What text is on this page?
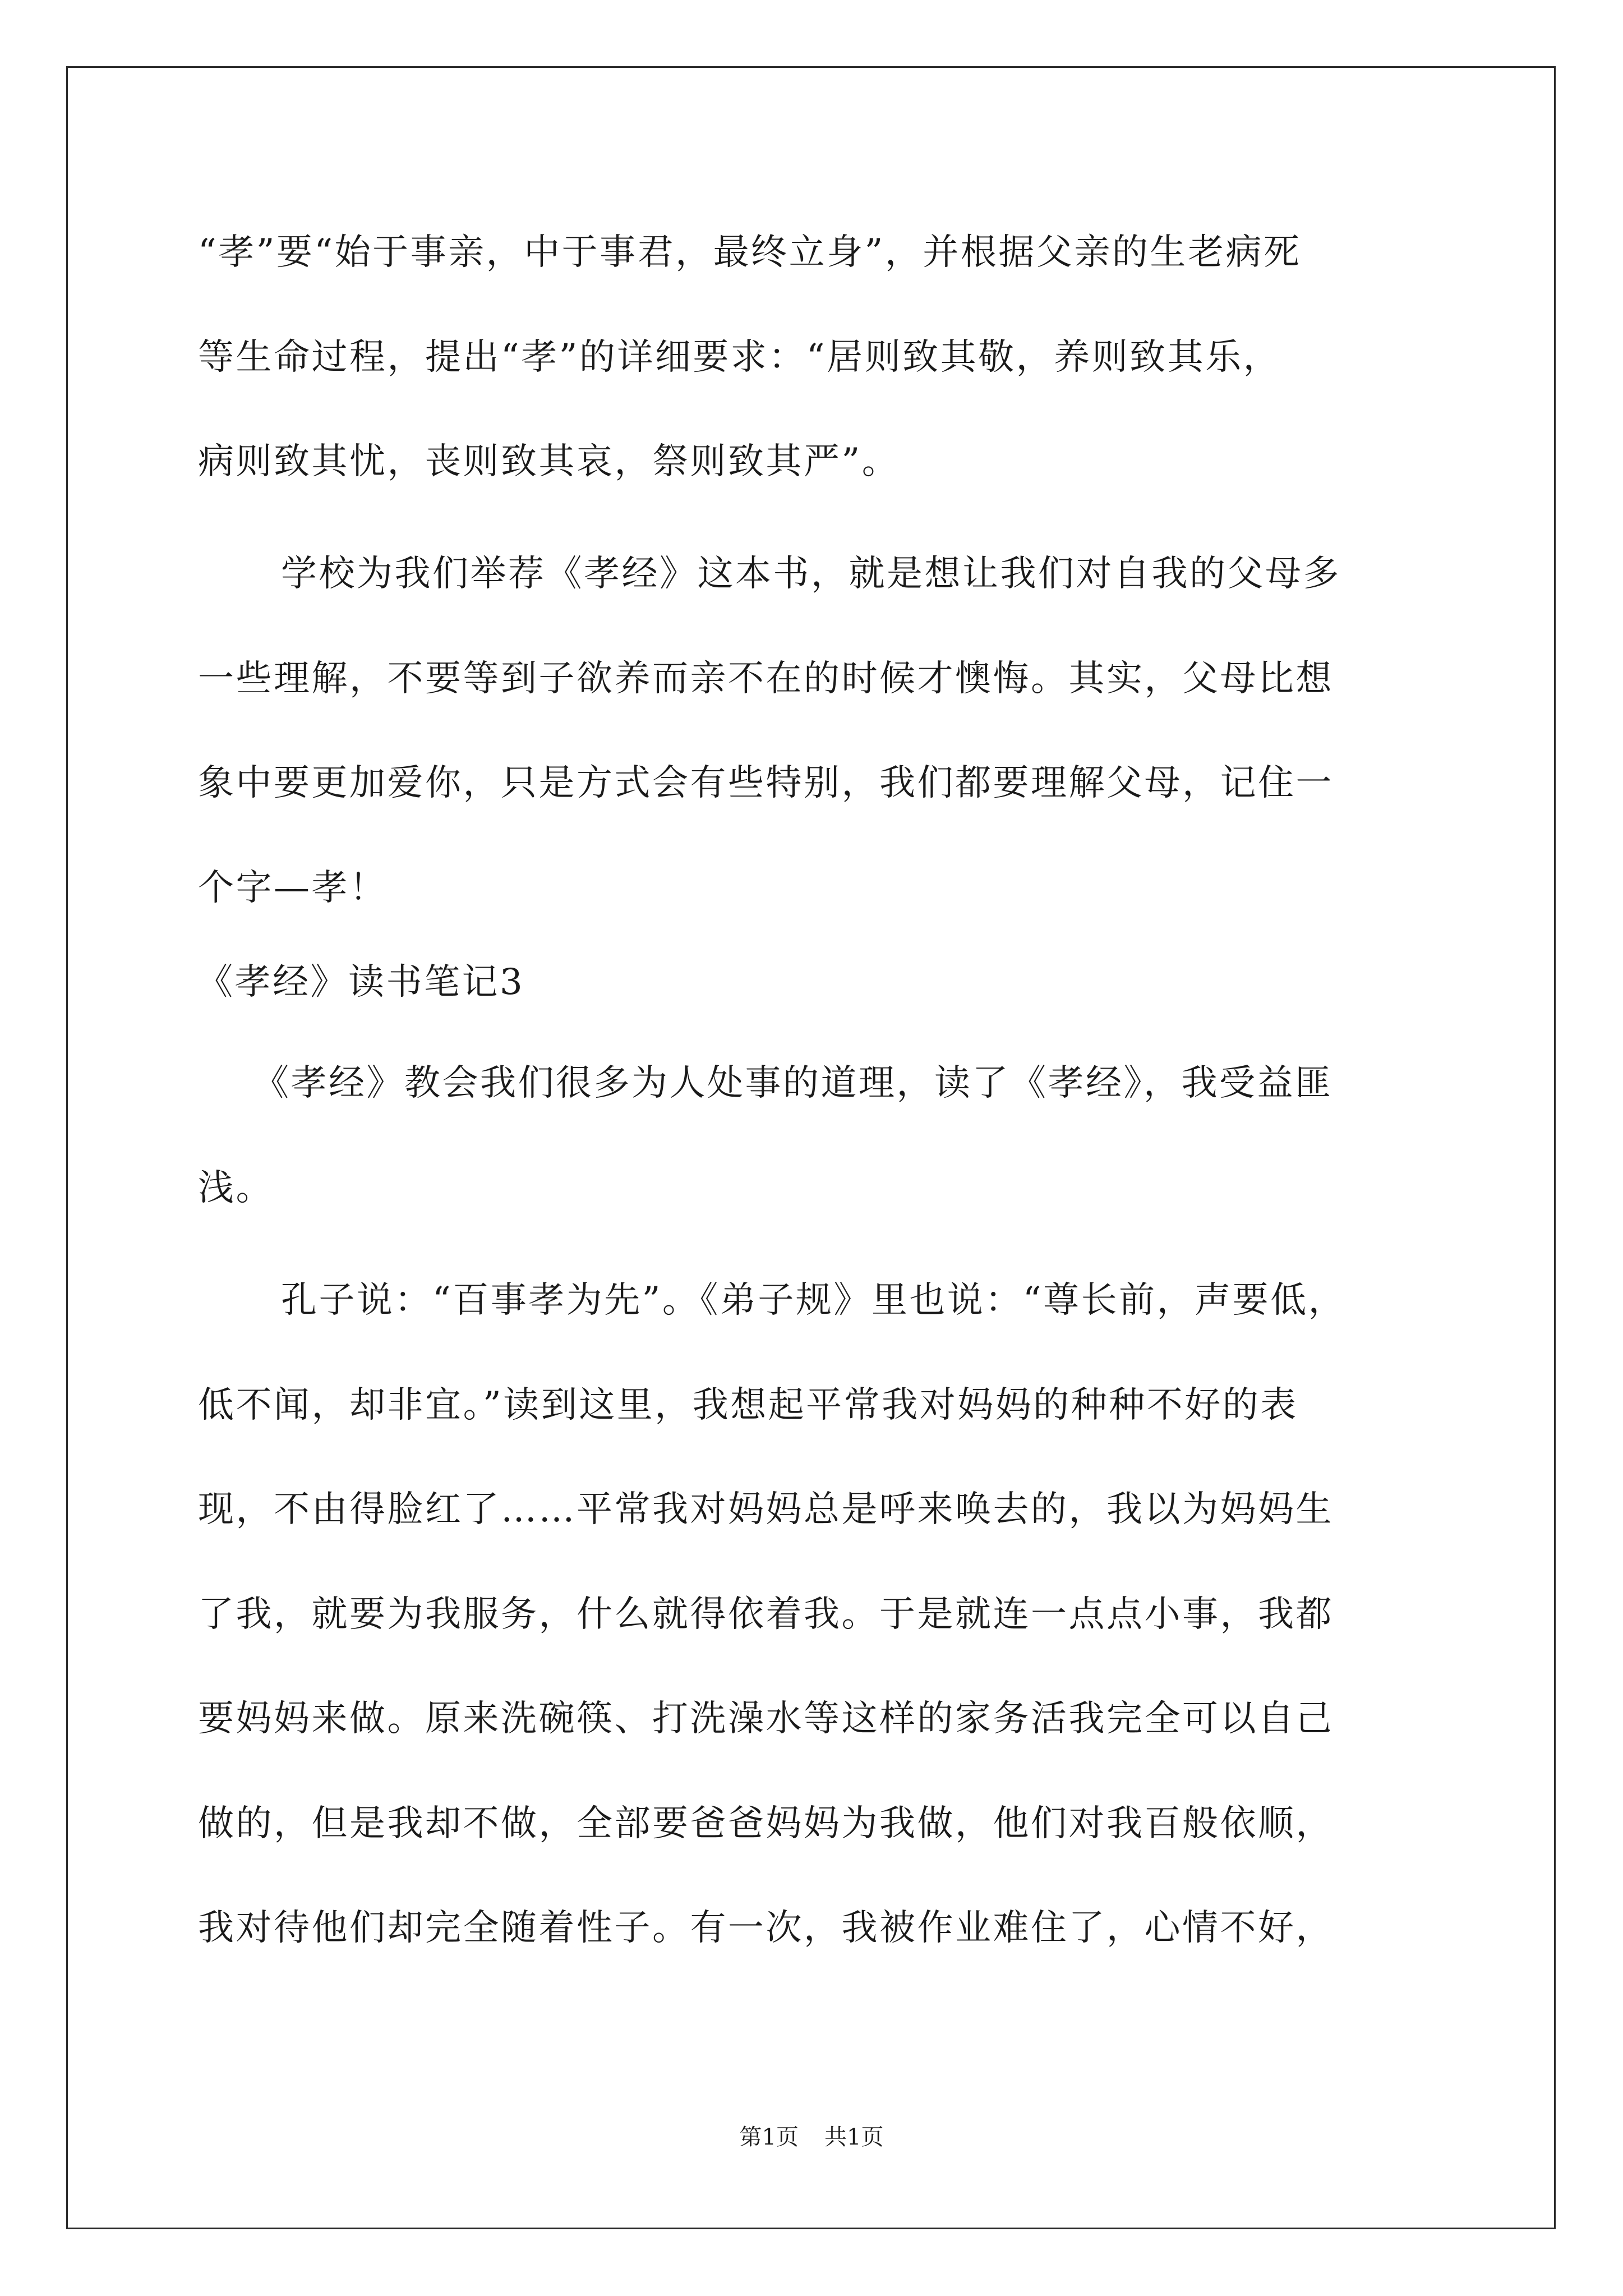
“孝”要“始于事亲，中于事君，最终立身”，并根据父亲的生老病死
等生命过程，提出“孝”的详细要求：“居则致其敬，养则致其乐，
病则致其忧，丧则致其哀，祭则致其严”。
学校为我们举荐《孝经》这本书，就是想让我们对自我的父母多
一些理解，不要等到子欲养而亲不在的时候才懊悔。其实，父母比想
象中要更加爱你，只是方式会有些特别，我们都要理解父母，记住一
个字—孝！
《孝经》读书笔记3
《孝经》教会我们很多为人处事的道理，读了《孝经》，我受益匪
浅。
孔子说：“百事孝为先”。《弟子规》里也说：“尊长前，声要低，
低不闻，却非宜。”读到这里，我想起平常我对妈妈的种种不好的表
现，不由得脸红了……平常我对妈妈总是呼来唤去的，我以为妈妈生
了我，就要为我服务，什么就得依着我。于是就连一点点小事，我都
要妈妈来做。原来洗碗筷、打洗澡水等这样的家务活我完全可以自己
做的，但是我却不做，全部要爸爸妈妈为我做，他们对我百般依顺，
我对待他们却完全随着性子。有一次，我被作业难住了，心情不好，
第1页 共1页
